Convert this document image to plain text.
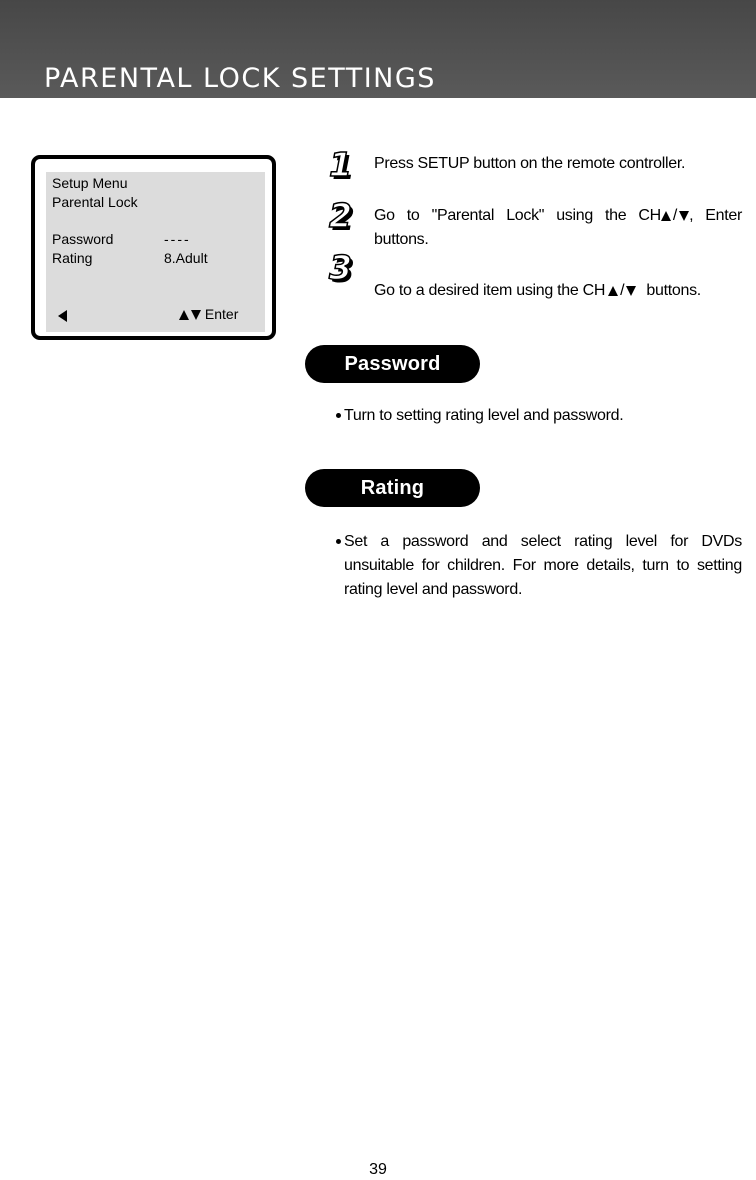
PARENTAL LOCK SETTINGS
Setup Menu
Parental Lock
Password	----
Rating	8.Adult
Enter
1 Press SETUP button on the remote controller.
2 Go to "Parental Lock" using the CH / , Enter buttons.
3
Go to a desired item using the CH / buttons.
Password
Turn to setting rating level and password.
Rating
Set a password and select rating level for DVDs unsuitable for children. For more details, turn to setting rating level and password.
39
